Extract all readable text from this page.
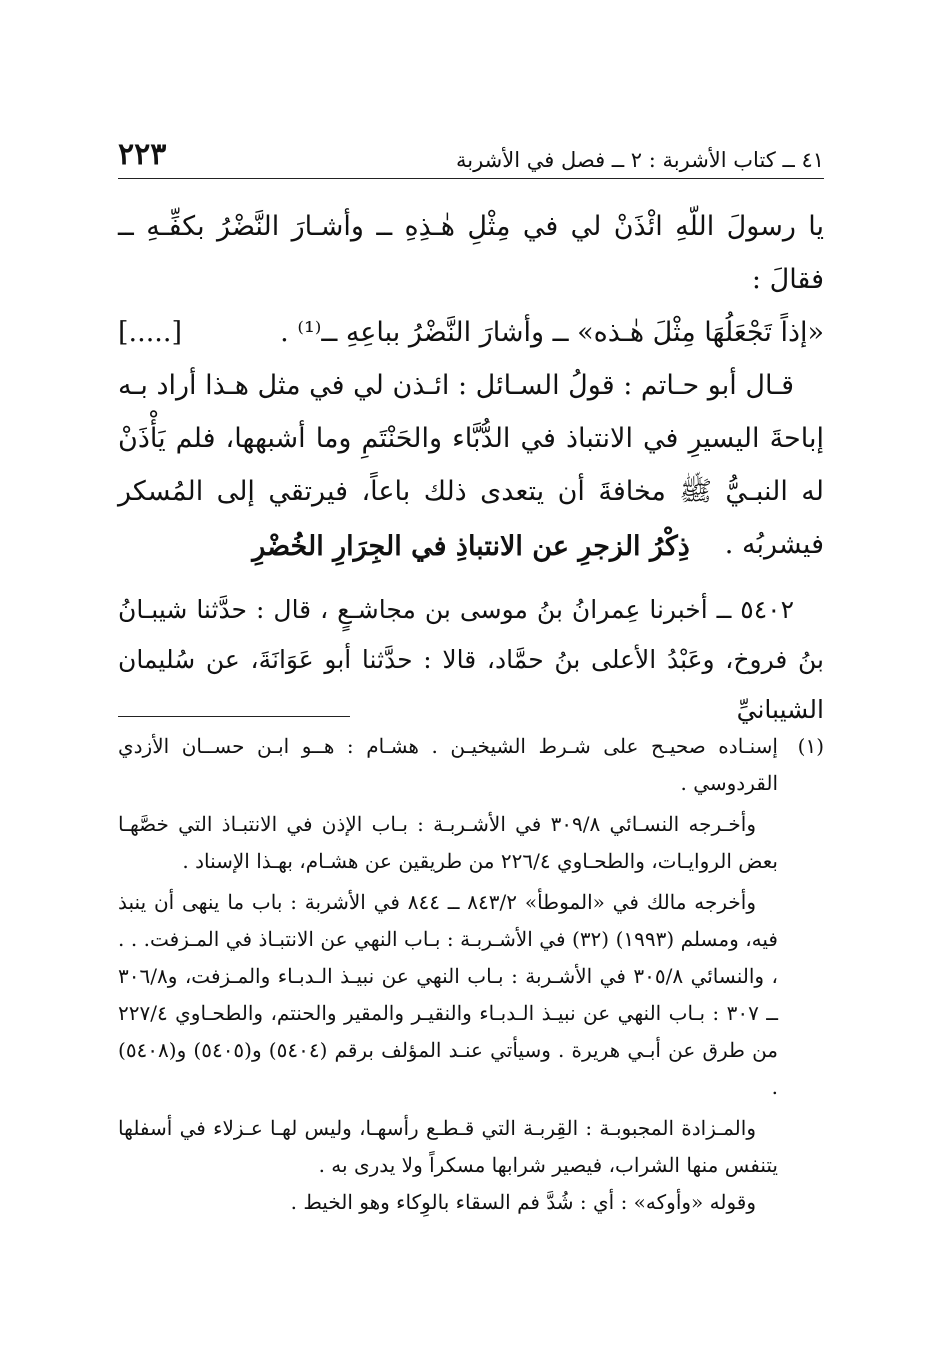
٤١ ــ كتاب الأشربة : ٢ ــ فصل في الأشربة
٢٢٣

يا رسولَ اللّهِ ائْذَنْ لي في مِثْلِ هٰـذِهِ ــ وأشـارَ النَّضْرُ بكفِّـهِ ــ فقالَ :

«إذاً تَجْعَلُهَا مِثْلَ هٰـذه» ــ وأشارَ النَّضْرُ بباعِهِ ــ⁽¹⁾ .
[.....]

قـال أبو حـاتم : قولُ السـائل : ائـذن لي في مثل هـذا أراد بـه إباحةَ اليسيرِ في الانتباذ في الدُّبَّاء والحَنْتَمِ وما أشبهها، فلم يَأْذَنْ له النبـيُّ ﷺ مخافةَ أن يتعدى ذلك باعاً، فيرتقي إلى المُسكر فيشربُه .

ذِكْرُ الزجرِ عن الانتباذِ في الجِرَارِ الخُضْرِ

٥٤٠٢ ــ أخبرنا عِمرانُ بنُ موسى بن مجاشـعٍ ، قال : حدَّثنا شيبـانُ بنُ فروخ، وعَبْدُ الأعلى بنُ حمَّاد، قالا : حدَّثنا أبو عَوَانَةَ، عن سُليمان الشيبانيِّ

(١)

إسنـاده صحيـح على شـرط الشيخيـن . هشـام : هــو ابـن حســان الأزدي القردوسي .

وأخـرجه النسـائي ٣٠٩/٨ في الأشـربـة : بـاب الإذن في الانتبـاذ التي خصَّهـا بعض الروايـات، والطحـاوي ٢٢٦/٤ من طريقين عن هشـام، بهـذا الإسناد .

وأخرجه مالك في «الموطأ» ٨٤٣/٢ ــ ٨٤٤ في الأشربة : باب ما ينهى أن ينبذ فيه، ومسلم (١٩٩٣) (٣٢) في الأشـربـة : بـاب النهي عن الانتبـاذ في المـزفت. . . ، والنسائي ٣٠٥/٨ في الأشـربة : بـاب النهي عن نبيـذ الـدبـاء والمـزفت، و٣٠٦/٨ ــ ٣٠٧ : بـاب النهي عن نبيـذ الـدبـاء والنقيـر والمقير والحنتم، والطحـاوي ٢٢٧/٤ من طرق عن أبـي هريرة . وسيأتي عنـد المؤلف برقم (٥٤٠٤) و(٥٤٠٥) و(٥٤٠٨) .

والمـزادة المجبوبـة : القِربـة التي قـطـع رأسهـا، وليس لهـا عـزلاء في أسفلها يتنفس منها الشراب، فيصير شرابها مسكراً ولا يدرى به .

وقوله «وأوكه» : أي : شُدَّ فم السقاء بالوِكاء وهو الخيط .
